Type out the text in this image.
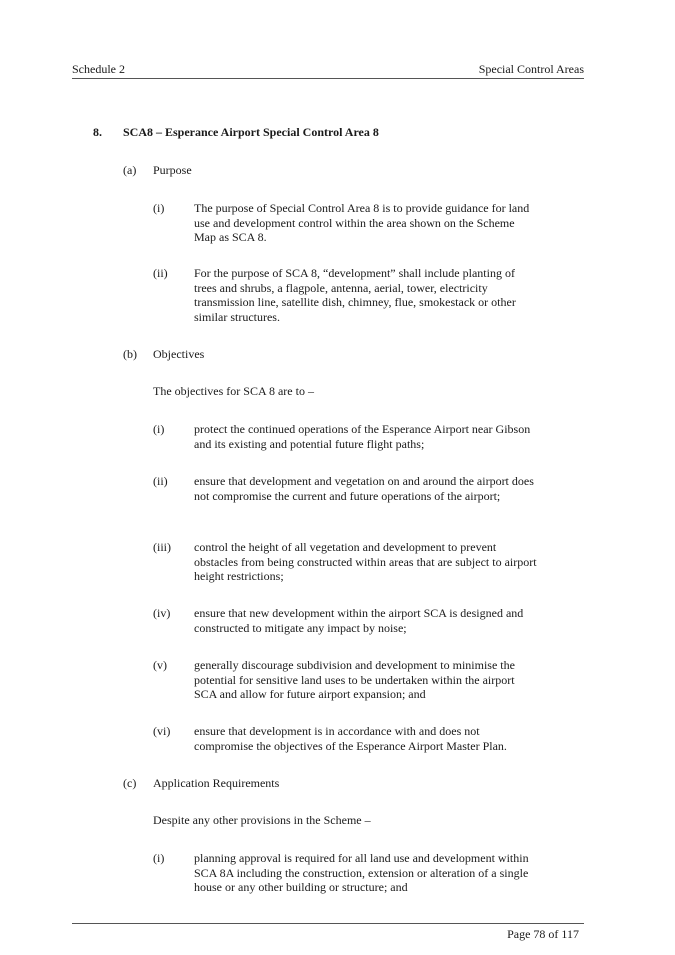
Schedule 2	Special Control Areas
8. SCA8 – Esperance Airport Special Control Area 8
(a) Purpose
(i) The purpose of Special Control Area 8 is to provide guidance for land use and development control within the area shown on the Scheme Map as SCA 8.
(ii) For the purpose of SCA 8, “development” shall include planting of trees and shrubs, a flagpole, antenna, aerial, tower, electricity transmission line, satellite dish, chimney, flue, smokestack or other similar structures.
(b) Objectives
The objectives for SCA 8 are to –
(i) protect the continued operations of the Esperance Airport near Gibson and its existing and potential future flight paths;
(ii) ensure that development and vegetation on and around the airport does not compromise the current and future operations of the airport;
(iii) control the height of all vegetation and development to prevent obstacles from being constructed within areas that are subject to airport height restrictions;
(iv) ensure that new development within the airport SCA is designed and constructed to mitigate any impact by noise;
(v) generally discourage subdivision and development to minimise the potential for sensitive land uses to be undertaken within the airport SCA and allow for future airport expansion; and
(vi) ensure that development is in accordance with and does not compromise the objectives of the Esperance Airport Master Plan.
(c) Application Requirements
Despite any other provisions in the Scheme –
(i) planning approval is required for all land use and development within SCA 8A including the construction, extension or alteration of a single house or any other building or structure; and
Page 78 of 117
